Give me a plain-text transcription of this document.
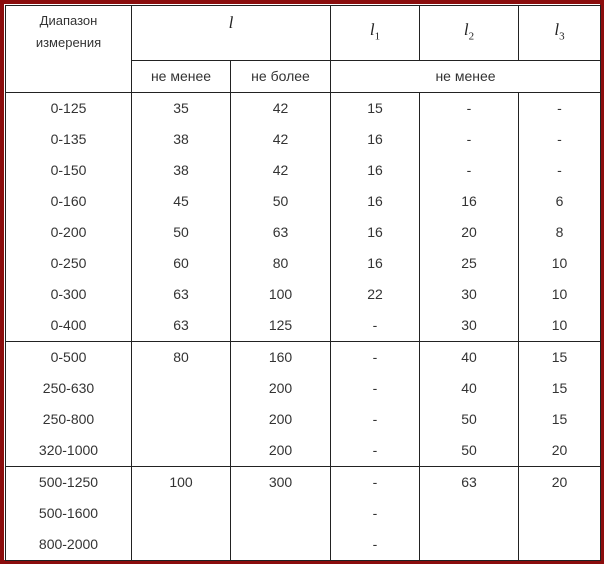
Диапазон измерения	l		$l_1$	$l_2$	$l_3$
	не менее	не более	не менее		
0-125	35	42	15	-	-
0-135	38	42	16	-	-
0-150	38	42	16	-	-
0-160	45	50	16	16	6
0-200	50	63	16	20	8
0-250	60	80	16	25	10
0-300	63	100	22	30	10
0-400	63	125	-	30	10
0-500	80	160	-	40	15
250-630		200	-	40	15
250-800		200	-	50	15
320-1000		200	-	50	20
500-1250	100	300	-	63	20
500-1600			-		
800-2000			-		
